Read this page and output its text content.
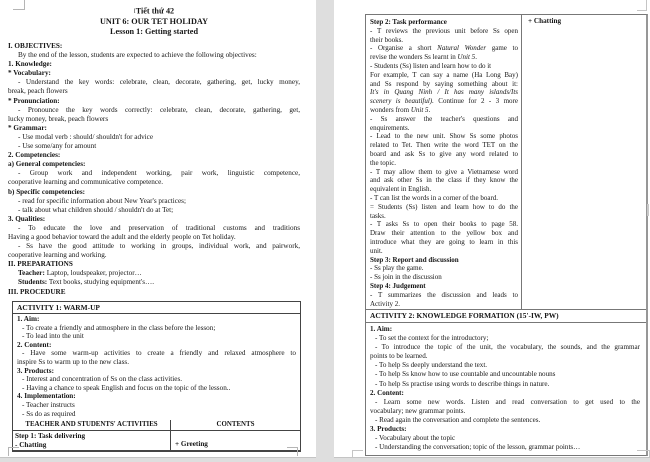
[Tiết thứ 42
UNIT 6: OUR TET HOLIDAY
Lesson 1: Getting started
I. OBJECTIVES:
By the end of the lesson, students are expected to achieve the following objectives:
1. Knowledge:
* Vocabulary:
- Understand the key words: celebrate, clean, decorate, gathering, get, lucky money,
break, peach flowers
* Pronunciation:
- Pronounce the key words correctly: celebrate, clean, decorate, gathering, get,
lucky money, break, peach flowers
* Grammar:
- Use modal verb : should/ shouldn't for advice
- Use some/any for amount
2. Competencies:
a) General competencies:
- Group work and independent working, pair work, linguistic competence,
cooperative learning and communicative competence.
b) Specific competencies:
- read for specific information about New Year's practices;
- talk about what children should / shouldn't do at Tet;
3. Qualities:
- To educate the love and preservation of traditional customs and traditions
Having a good behavior toward the adult and the elderly people on Tet holiday.
- Ss have the good attitude to working in groups, individual work, and pairwork,
cooperative learning and working.
II. PREPARATIONS
Teacher: Laptop, loudspeaker, projector…
Students: Text books, studying equipment's….
III. PROCEDURE
ACTIVITY 1: WARM-UP
1. Aim:
- To create a friendly and atmosphere in the class before the lesson;
- To lead into the unit
2. Content:
- Have some warm-up activities to create a friendly and relaxed atmosphere to
inspire Ss to warm up to the new class.
3. Products:
- Interest and concentration of Ss on the class activities.
- Having a chance to speak English and focus on the topic of the lesson..
4. Implementation:
- Teacher instructs
- Ss do as required
TEACHER AND STUDENTS' ACTIVITIES	CONTENTS
Step 1: Task delivering
- Chatting	+ Greeting
Step 2: Task performance
- T reviews the previous unit before Ss open
their books.
- Organise a short Natural Wonder game to
revise the wonders Ss learnt in Unit 5.
- Students (Ss) listen and learn how to do it
For example, T can say a name (Ha Long Bay)
and Ss respond by saying something about it:
It's in Quang Ninh / It has many islands/Its
scenery is beautiful). Continue for 2 - 3 more
wonders from Unit 5.
- Ss answer the teacher's questions and
enquirements.
- Lead to the new unit. Show Ss some photos
related to Tet. Then write the word TET on the
board and ask Ss to give any word related to
the topic.
- T may allow them to give a Vietnamese word
and ask other Ss in the class if they know the
equivalent in English.
- T can list the words in a corner of the board.
= Students (Ss) listen and learn how to do the
tasks.
- T asks Ss to open their books to page 58.
Draw their attention to the yellow box and
introduce what they are going to learn in this
unit.
Step 3: Report and discussion
- Ss play the game.
- Ss join in the discussion
Step 4: Judgement
- T summarizes the discussion and leads to
Activity 2.
+ Chatting
ACTIVITY 2: KNOWLEDGE FORMATION (15'-IW, PW)
1. Aim:
- To set the context for the introductory;
- To introduce the topic of the unit, the vocabulary, the sounds, and the grammar
points to be learned.
- To help Ss deeply understand the text.
- To help Ss know how to use countable and uncountable nouns
- To help Ss practise using words to describe things in nature.
2. Content:
- Learn some new words. Listen and read conversation to get used to the
vocabulary; new grammar points.
- Read again the conversation and complete the sentences.
3. Products:
- Vocabulary about the topic
- Understanding the conversation; topic of the lesson, grammar points…
